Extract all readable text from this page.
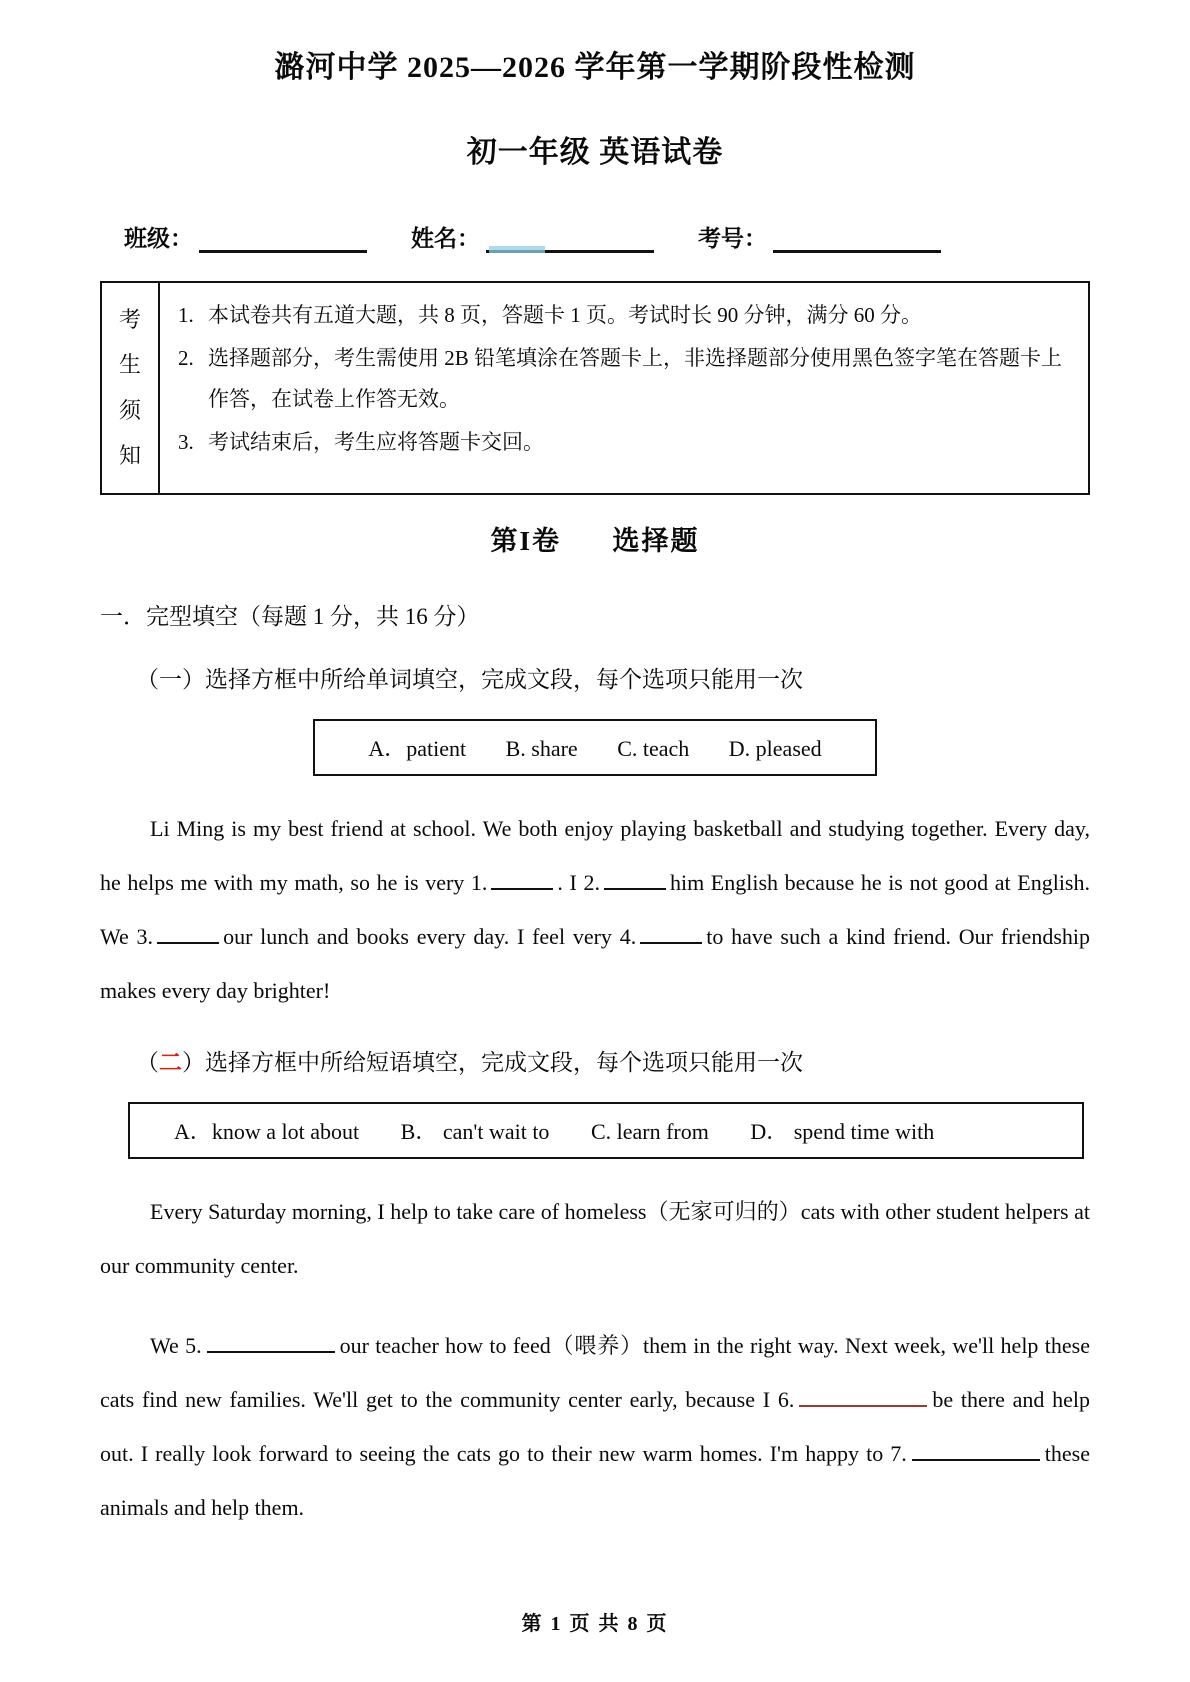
潞河中学 2025—2026 学年第一学期阶段性检测
初一年级 英语试卷
班级：	姓名：	考号：
考
生
须
知
1. 本试卷共有五道大题，共 8 页，答题卡 1 页。考试时长 90 分钟，满分 60 分。
2. 选择题部分，考生需使用 2B 铅笔填涂在答题卡上，非选择题部分使用黑色签字笔在答题卡上作答，在试卷上作答无效。
3. 考试结束后，考生应将答题卡交回。
第I卷 选择题
一．完型填空（每题 1 分，共 16 分）
（一）选择方框中所给单词填空，完成文段，每个选项只能用一次
A．patient B. share C. teach D. pleased

Li Ming is my best friend at school. We both enjoy playing basketball and studying together. Every day, he helps me with my math, so he is very 1.	. I 2.	him English because he is not good at English. We 3.	our lunch and books every day. I feel very 4.	to have such a kind friend. Our friendship makes every day brighter!

（二）选择方框中所给短语填空，完成文段，每个选项只能用一次
A．know a lot about B． can't wait to C. learn from D． spend time with

Every Saturday morning, I help to take care of homeless（无家可归的）cats with other student helpers at our community center.

We 5.	our teacher how to feed（喂养）them in the right way. Next week, we'll help these cats find new families. We'll get to the community center early, because I 6.	be there and help out. I really look forward to seeing the cats go to their new warm homes. I'm happy to 7.	these animals and help them.

第 1 页 共 8 页
